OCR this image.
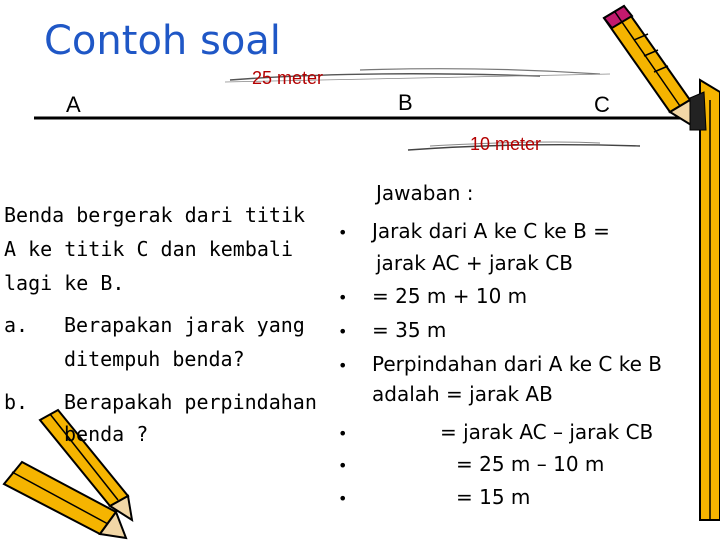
Contoh soal
25 meter
A	B	C
10 meter
Benda bergerak dari titik
A ke titik C dan kembali
lagi ke B.
a. Berapakan jarak yang
ditempuh benda?
b. Berapakah perpindahan
benda ?
Jawaban :
• Jarak dari A ke C ke B =
jarak AC + jarak CB
• = 25 m + 10 m
• = 35 m
• Perpindahan dari A ke C ke B
adalah = jarak AB
•	= jarak AC – jarak CB
•	= 25 m – 10 m
•	= 15 m
